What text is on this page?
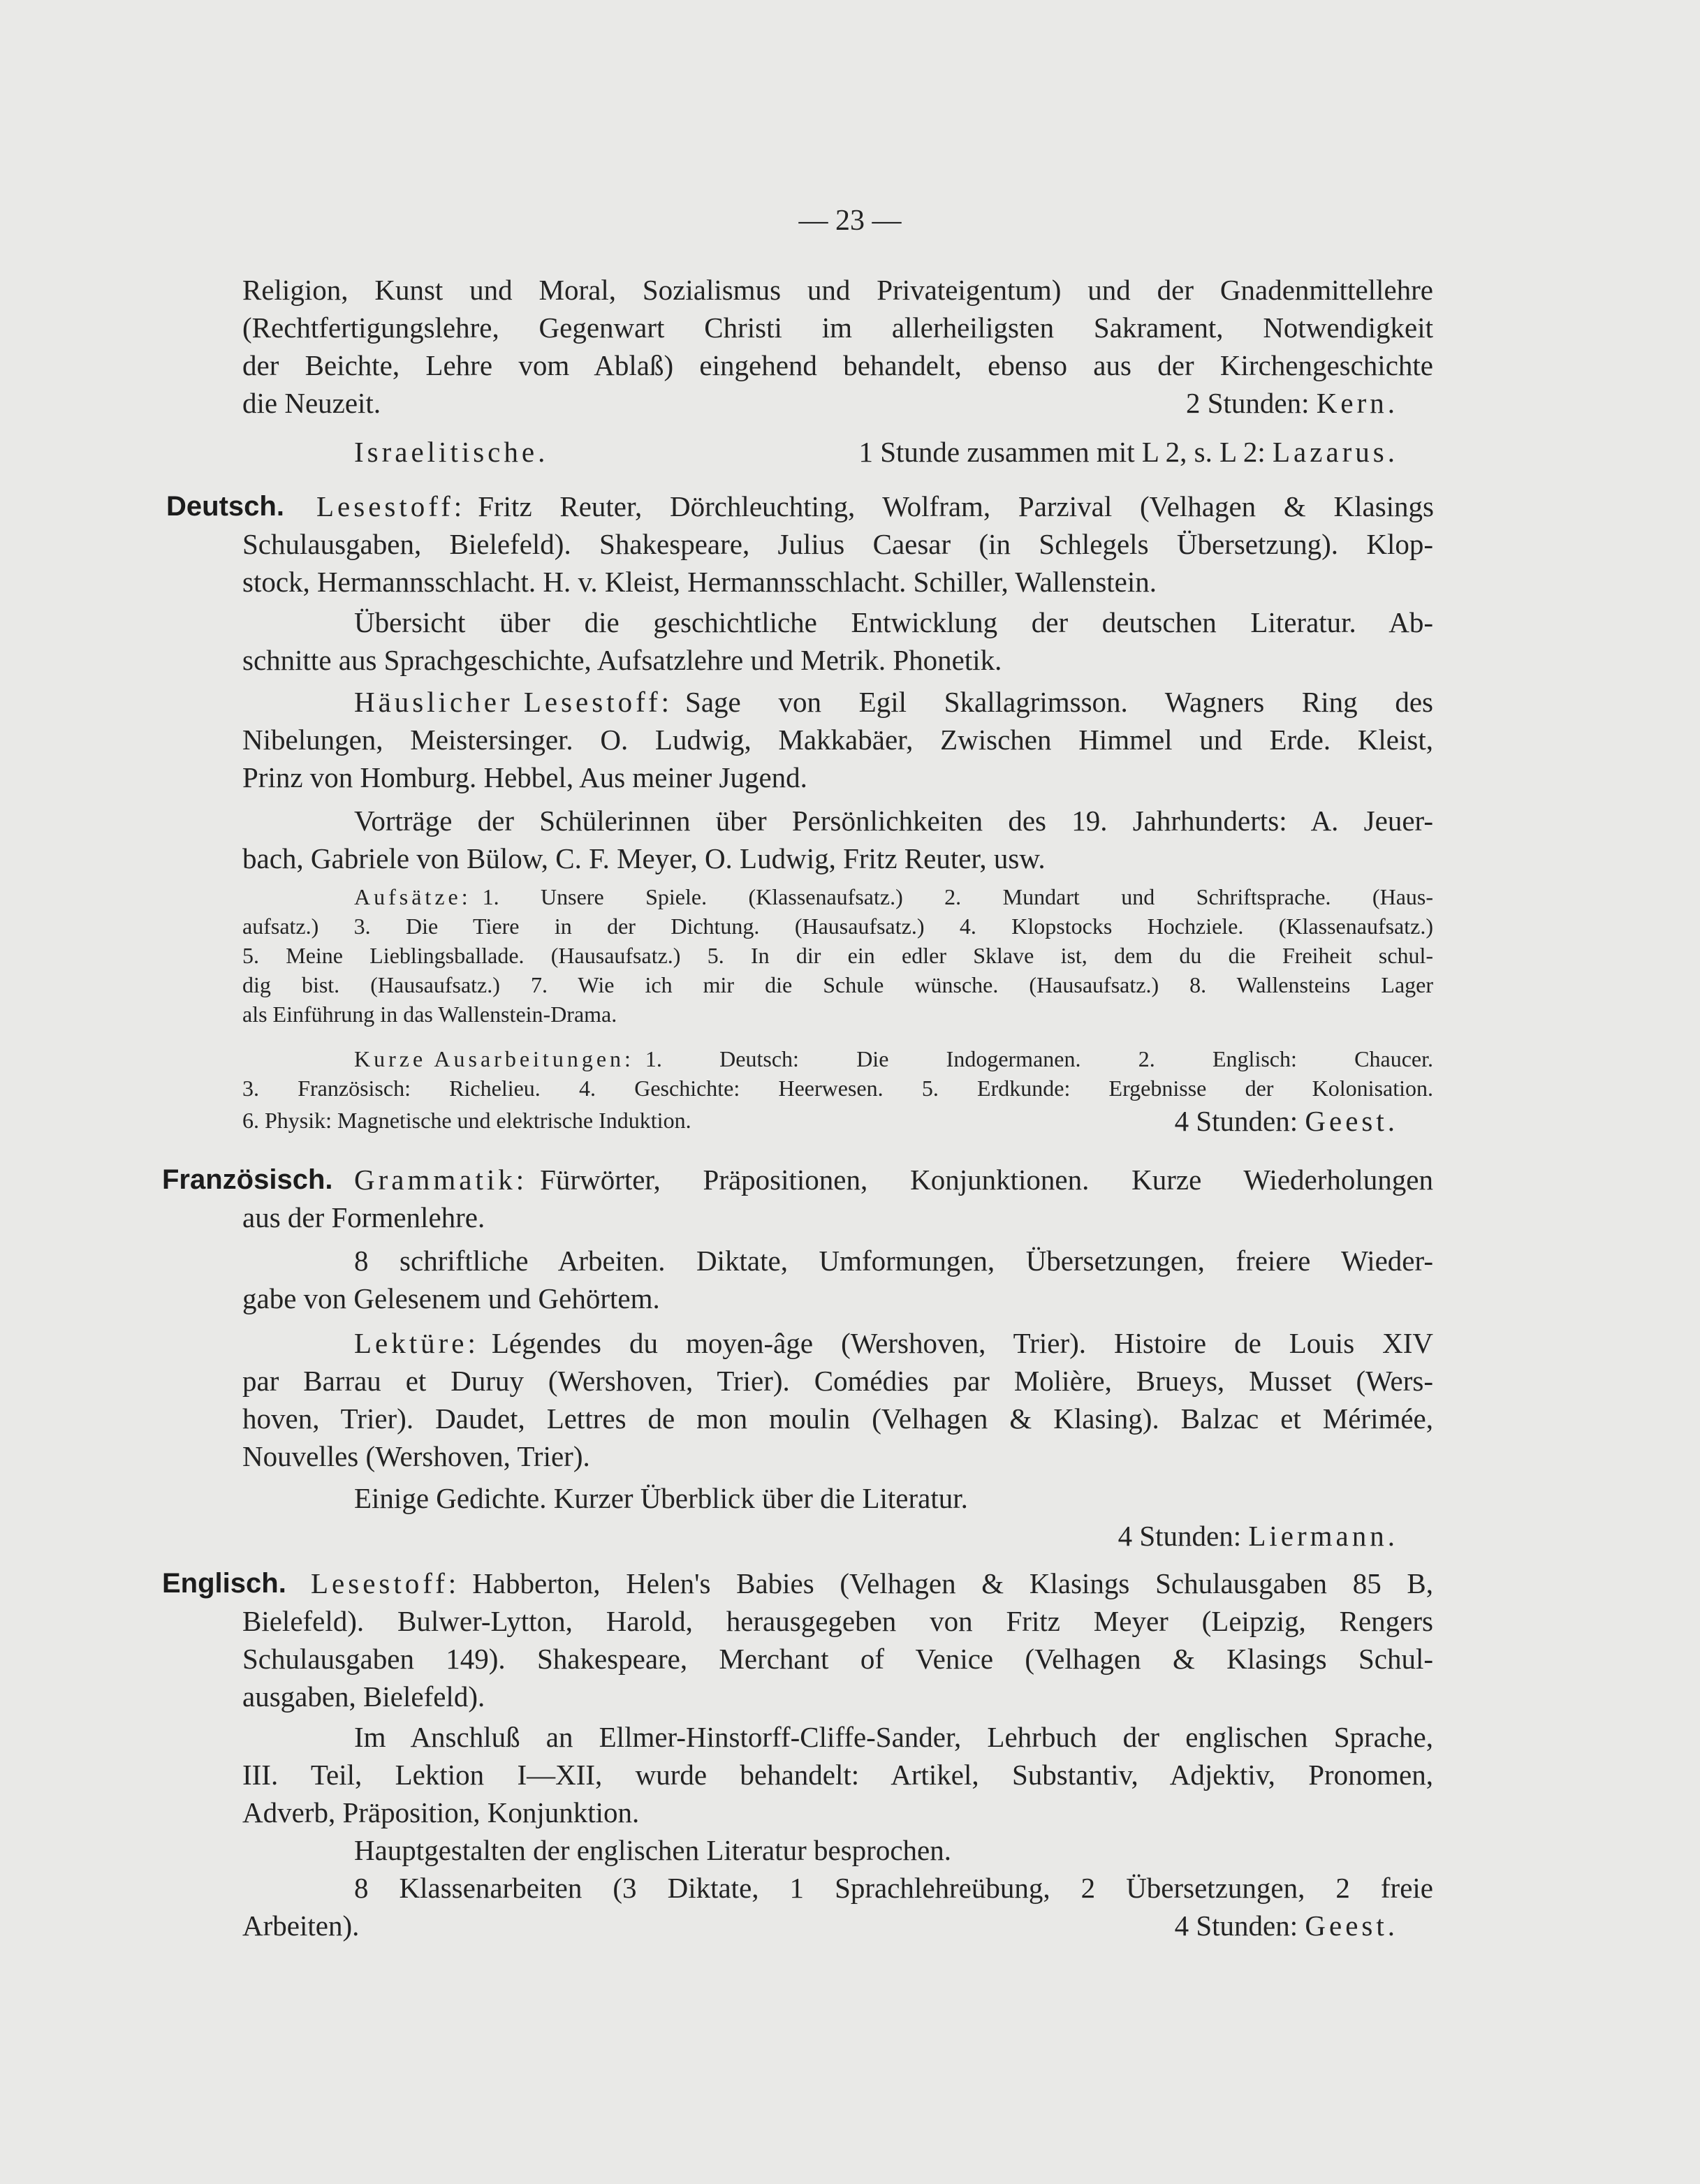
— 23 —
Religion, Kunst und Moral, Sozialismus und Privateigentum) und der Gnadenmittellehre
(Rechtfertigungslehre, Gegenwart Christi im allerheiligsten Sakrament, Notwendigkeit
der Beichte, Lehre vom Ablaß) eingehend behandelt, ebenso aus der Kirchengeschichte
die Neuzeit.	2 Stunden: Kern.
Israelitische.	1 Stunde zusammen mit L 2, s. L 2: Lazarus.
Deutsch. Lesestoff: Fritz Reuter, Dörchleuchting, Wolfram, Parzival (Velhagen & Klasings
Schulausgaben, Bielefeld). Shakespeare, Julius Caesar (in Schlegels Übersetzung). Klop-
stock, Hermannsschlacht. H. v. Kleist, Hermannsschlacht. Schiller, Wallenstein.
Übersicht über die geschichtliche Entwicklung der deutschen Literatur. Ab-
schnitte aus Sprachgeschichte, Aufsatzlehre und Metrik. Phonetik.
Häuslicher Lesestoff: Sage von Egil Skallagrimsson. Wagners Ring des
Nibelungen, Meistersinger. O. Ludwig, Makkabäer, Zwischen Himmel und Erde. Kleist,
Prinz von Homburg. Hebbel, Aus meiner Jugend.
Vorträge der Schülerinnen über Persönlichkeiten des 19. Jahrhunderts: A. Jeuer-
bach, Gabriele von Bülow, C. F. Meyer, O. Ludwig, Fritz Reuter, usw.
Aufsätze: 1. Unsere Spiele. (Klassenaufsatz.) 2. Mundart und Schriftsprache. (Haus-
aufsatz.) 3. Die Tiere in der Dichtung. (Hausaufsatz.) 4. Klopstocks Hochziele. (Klassenaufsatz.)
5. Meine Lieblingsballade. (Hausaufsatz.) 5. In dir ein edler Sklave ist, dem du die Freiheit schul-
dig bist. (Hausaufsatz.) 7. Wie ich mir die Schule wünsche. (Hausaufsatz.) 8. Wallensteins Lager
als Einführung in das Wallenstein-Drama.
Kurze Ausarbeitungen: 1. Deutsch: Die Indogermanen. 2. Englisch: Chaucer.
3. Französisch: Richelieu. 4. Geschichte: Heerwesen. 5. Erdkunde: Ergebnisse der Kolonisation.
6. Physik: Magnetische und elektrische Induktion.	4 Stunden: Geest.
Französisch. Grammatik: Fürwörter, Präpositionen, Konjunktionen. Kurze Wiederholungen
aus der Formenlehre.
8 schriftliche Arbeiten. Diktate, Umformungen, Übersetzungen, freiere Wieder-
gabe von Gelesenem und Gehörtem.
Lektüre: Légendes du moyen-âge (Wershoven, Trier). Histoire de Louis XIV
par Barrau et Duruy (Wershoven, Trier). Comédies par Molière, Brueys, Musset (Wers-
hoven, Trier). Daudet, Lettres de mon moulin (Velhagen & Klasing). Balzac et Mérimée,
Nouvelles (Wershoven, Trier).
Einige Gedichte. Kurzer Überblick über die Literatur.
4 Stunden: Liermann.
Englisch. Lesestoff: Habberton, Helen's Babies (Velhagen & Klasings Schulausgaben 85 B,
Bielefeld). Bulwer-Lytton, Harold, herausgegeben von Fritz Meyer (Leipzig, Rengers
Schulausgaben 149). Shakespeare, Merchant of Venice (Velhagen & Klasings Schul-
ausgaben, Bielefeld).
Im Anschluß an Ellmer-Hinstorff-Cliffe-Sander, Lehrbuch der englischen Sprache,
III. Teil, Lektion I—XII, wurde behandelt: Artikel, Substantiv, Adjektiv, Pronomen,
Adverb, Präposition, Konjunktion.
Hauptgestalten der englischen Literatur besprochen.
8 Klassenarbeiten (3 Diktate, 1 Sprachlehreübung, 2 Übersetzungen, 2 freie
Arbeiten).	4 Stunden: Geest.
